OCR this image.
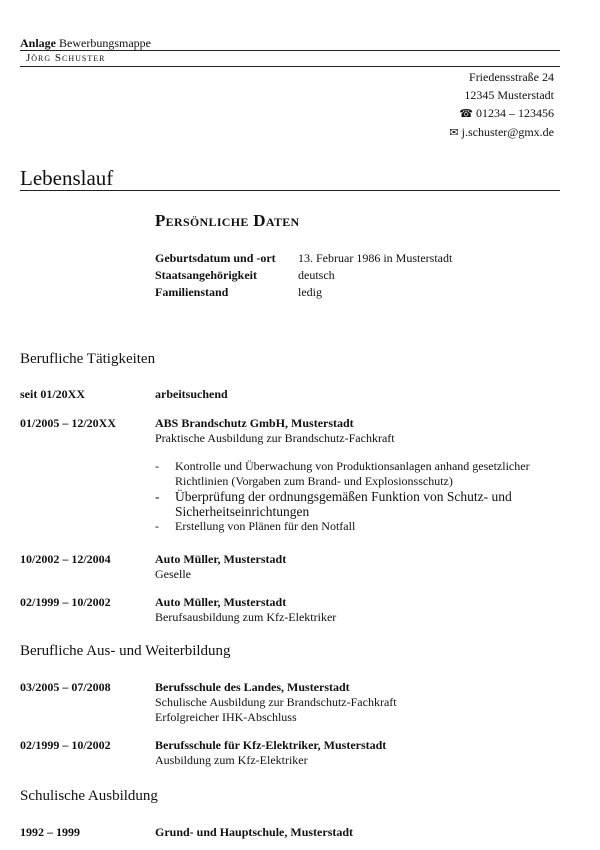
Anlage Bewerbungsmappe
Jörg Schuster
Friedensstraße 24
12345 Musterstadt
☎ 01234 – 123456
✉ j.schuster@gmx.de
Lebenslauf
Persönliche Daten
Geburtsdatum und -ort 13. Februar 1986 in Musterstadt
Staatsangehörigkeit	deutsch
Familienstand	ledig
Berufliche Tätigkeiten
seit 01/20XX	arbeitsuchend
01/2005 – 12/20XX	ABS Brandschutz GmbH, Musterstadt
Praktische Ausbildung zur Brandschutz-Fachkraft
- Kontrolle und Überwachung von Produktionsanlagen anhand gesetzlicher Richtlinien (Vorgaben zum Brand- und Explosionsschutz)
- Überprüfung der ordnungsgemäßen Funktion von Schutz- und Sicherheitseinrichtungen
- Erstellung von Plänen für den Notfall
10/2002 – 12/2004	Auto Müller, Musterstadt
Geselle
02/1999 – 10/2002	Auto Müller, Musterstadt
Berufsausbildung zum Kfz-Elektriker
Berufliche Aus- und Weiterbildung
03/2005 – 07/2008	Berufsschule des Landes, Musterstadt
Schulische Ausbildung zur Brandschutz-Fachkraft
Erfolgreicher IHK-Abschluss
02/1999 – 10/2002	Berufsschule für Kfz-Elektriker, Musterstadt
Ausbildung zum Kfz-Elektriker
Schulische Ausbildung
1992 – 1999	Grund- und Hauptschule, Musterstadt
